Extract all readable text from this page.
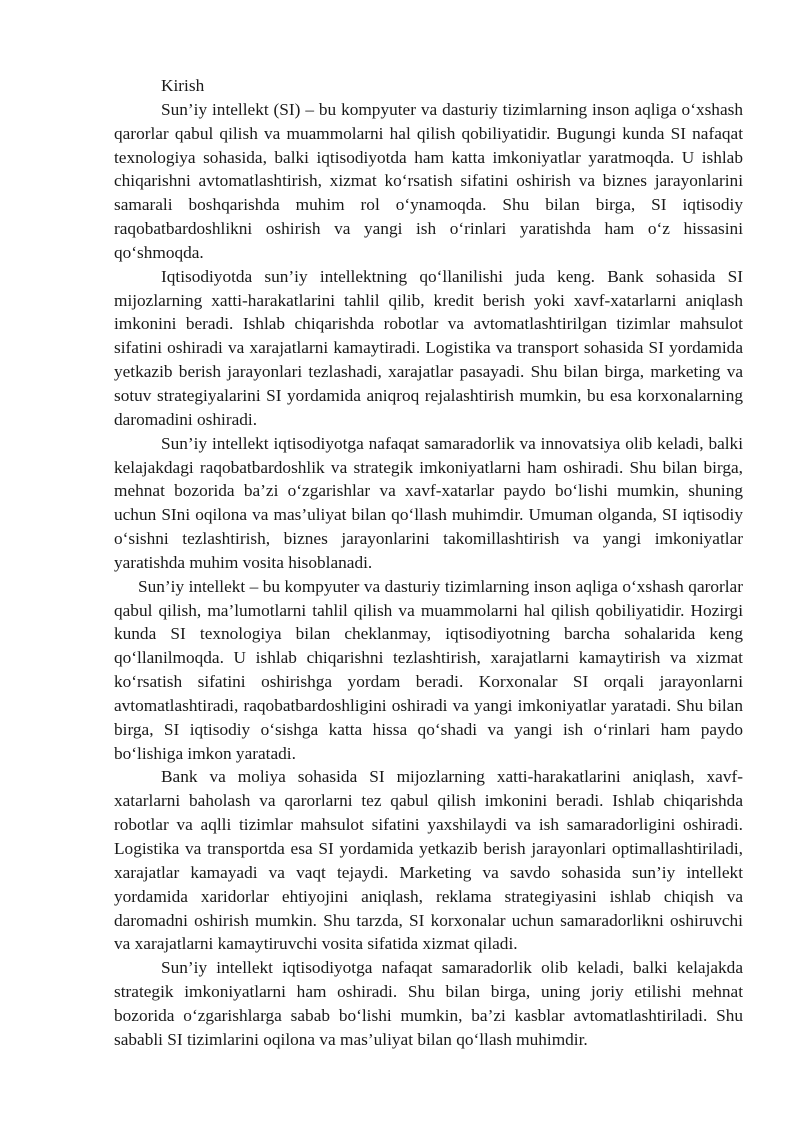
Kirish

Sun’iy intellekt (SI) – bu kompyuter va dasturiy tizimlarning inson aqliga o‘xshash qarorlar qabul qilish va muammolarni hal qilish qobiliyatidir. Bugungi kunda SI nafaqat texnologiya sohasida, balki iqtisodiyotda ham katta imkoniyatlar yaratmoqda. U ishlab chiqarishni avtomatlashtirish, xizmat ko‘rsatish sifatini oshirish va biznes jarayonlarini samarali boshqarishda muhim rol o‘ynamoqda. Shu bilan birga, SI iqtisodiy raqobatbardoshlikni oshirish va yangi ish o‘rinlari yaratishda ham o‘z hissasini qo‘shmoqda.

Iqtisodiyotda sun’iy intellektning qo‘llanilishi juda keng. Bank sohasida SI mijozlarning xatti-harakatlarini tahlil qilib, kredit berish yoki xavf-xatarlarni aniqlash imkonini beradi. Ishlab chiqarishda robotlar va avtomatlashtirilgan tizimlar mahsulot sifatini oshiradi va xarajatlarni kamaytiradi. Logistika va transport sohasida SI yordamida yetkazib berish jarayonlari tezlashadi, xarajatlar pasayadi. Shu bilan birga, marketing va sotuv strategiyalarini SI yordamida aniqroq rejalashtirish mumkin, bu esa korxonalarning daromadini oshiradi.

Sun’iy intellekt iqtisodiyotga nafaqat samaradorlik va innovatsiya olib keladi, balki kelajakdagi raqobatbardoshlik va strategik imkoniyatlarni ham oshiradi. Shu bilan birga, mehnat bozorida ba’zi o‘zgarishlar va xavf-xatarlar paydo bo‘lishi mumkin, shuning uchun SIni oqilona va mas’uliyat bilan qo‘llash muhimdir. Umuman olganda, SI iqtisodiy o‘sishni tezlashtirish, biznes jarayonlarini takomillashtirish va yangi imkoniyatlar yaratishda muhim vosita hisoblanadi.

Sun’iy intellekt – bu kompyuter va dasturiy tizimlarning inson aqliga o‘xshash qarorlar qabul qilish, ma’lumotlarni tahlil qilish va muammolarni hal qilish qobiliyatidir. Hozirgi kunda SI texnologiya bilan cheklanmay, iqtisodiyotning barcha sohalarida keng qo‘llanilmoqda. U ishlab chiqarishni tezlashtirish, xarajatlarni kamaytirish va xizmat ko‘rsatish sifatini oshirishga yordam beradi. Korxonalar SI orqali jarayonlarni avtomatlashtiradi, raqobatbardoshligini oshiradi va yangi imkoniyatlar yaratadi. Shu bilan birga, SI iqtisodiy o‘sishga katta hissa qo‘shadi va yangi ish o‘rinlari ham paydo bo‘lishiga imkon yaratadi.

Bank va moliya sohasida SI mijozlarning xatti-harakatlarini aniqlash, xavf-xatarlarni baholash va qarorlarni tez qabul qilish imkonini beradi. Ishlab chiqarishda robotlar va aqlli tizimlar mahsulot sifatini yaxshilaydi va ish samaradorligini oshiradi. Logistika va transportda esa SI yordamida yetkazib berish jarayonlari optimallashtiriladi, xarajatlar kamayadi va vaqt tejaydi. Marketing va savdo sohasida sun’iy intellekt yordamida xaridorlar ehtiyojini aniqlash, reklama strategiyasini ishlab chiqish va daromadni oshirish mumkin. Shu tarzda, SI korxonalar uchun samaradorlikni oshiruvchi va xarajatlarni kamaytiruvchi vosita sifatida xizmat qiladi.

Sun’iy intellekt iqtisodiyotga nafaqat samaradorlik olib keladi, balki kelajakda strategik imkoniyatlarni ham oshiradi. Shu bilan birga, uning joriy etilishi mehnat bozorida o‘zgarishlarga sabab bo‘lishi mumkin, ba’zi kasblar avtomatlashtiriladi. Shu sababli SI tizimlarini oqilona va mas’uliyat bilan qo‘llash muhimdir.
